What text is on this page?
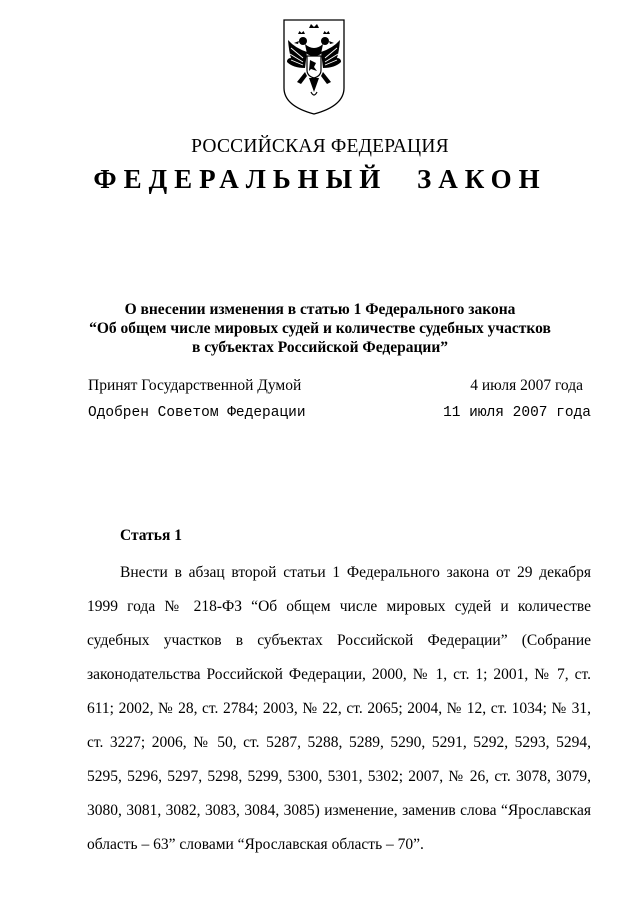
РОССИЙСКАЯ ФЕДЕРАЦИЯ
ФЕДЕРАЛЬНЫЙ ЗАКОН
О внесении изменения в статью 1 Федерального закона
“Об общем числе мировых судей и количестве судебных участков
в субъектах Российской Федерации”
Принят Государственной Думой	4 июля 2007 года
Одобрен Советом Федерации	11 июля 2007 года
Статья 1
Внести в абзац второй статьи 1 Федерального закона от 29 декабря 1999 года № 218-ФЗ “Об общем числе мировых судей и количестве судебных участков в субъектах Российской Федерации” (Собрание законодательства Российской Федерации, 2000, № 1, ст. 1; 2001, № 7, ст. 611; 2002, № 28, ст. 2784; 2003, № 22, ст. 2065; 2004, № 12, ст. 1034; № 31, ст. 3227; 2006, № 50, ст. 5287, 5288, 5289, 5290, 5291, 5292, 5293, 5294, 5295, 5296, 5297, 5298, 5299, 5300, 5301, 5302; 2007, № 26, ст. 3078, 3079, 3080, 3081, 3082, 3083, 3084, 3085) изменение, заменив слова “Ярославская область – 63” словами “Ярославская область – 70”.
